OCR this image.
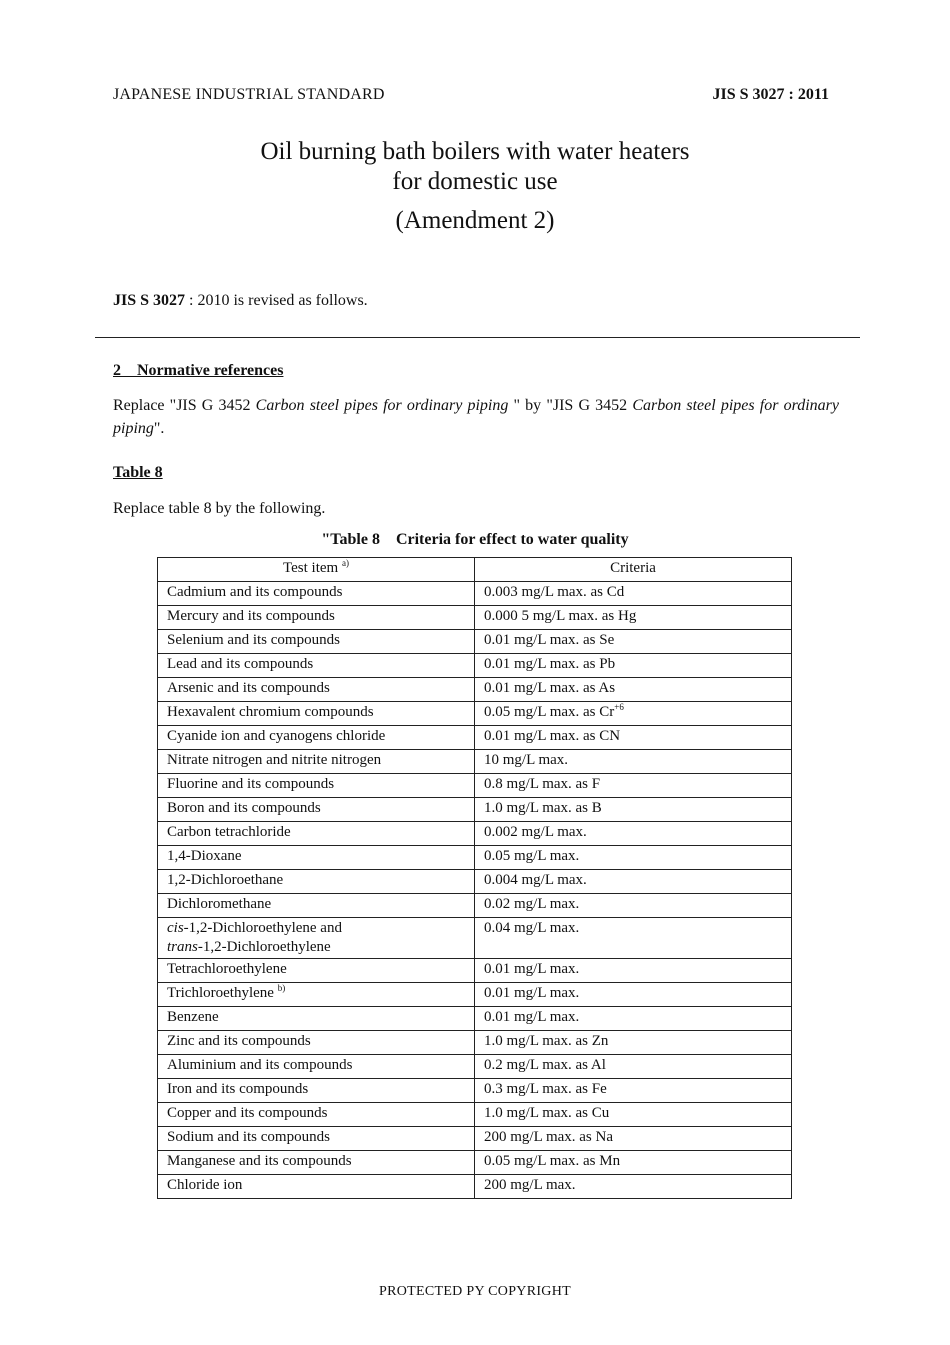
JAPANESE INDUSTRIAL STANDARD	JIS S 3027 : 2011
Oil burning bath boilers with water heaters
for domestic use
(Amendment 2)
JIS S 3027 : 2010 is revised as follows.
2    Normative references
Replace "JIS G 3452 Carbon steel pipes for ordinary piping " by "JIS G 3452 Carbon steel pipes for ordinary piping".
Table 8
Replace table 8 by the following.
"Table 8    Criteria for effect to water quality
Test item $^{a)}$	Criteria
Cadmium and its compounds	0.003 mg/L max. as Cd
Mercury and its compounds	0.000 5 mg/L max. as Hg
Selenium and its compounds	0.01 mg/L max. as Se
Lead and its compounds	0.01 mg/L max. as Pb
Arsenic and its compounds	0.01 mg/L max. as As
Hexavalent chromium compounds	0.05 mg/L max. as $Cr^{+6}$
Cyanide ion and cyanogens chloride	0.01 mg/L max. as CN
Nitrate nitrogen and nitrite nitrogen	10 mg/L max.
Fluorine and its compounds	0.8 mg/L max. as F
Boron and its compounds	1.0 mg/L max. as B
Carbon tetrachloride	0.002 mg/L max.
1,4-Dioxane	0.05 mg/L max.
1,2-Dichloroethane	0.004 mg/L max.
Dichloromethane	0.02 mg/L max.
cis-1,2-Dichloroethylene and
trans-1,2-Dichloroethylene	0.04 mg/L max.
Tetrachloroethylene	0.01 mg/L max.
Trichloroethylene $^{b)}$	0.01 mg/L max.
Benzene	0.01 mg/L max.
Zinc and its compounds	1.0 mg/L max. as Zn
Aluminium and its compounds	0.2 mg/L max. as Al
Iron and its compounds	0.3 mg/L max. as Fe
Copper and its compounds	1.0 mg/L max. as Cu
Sodium and its compounds	200 mg/L max. as Na
Manganese and its compounds	0.05 mg/L max. as Mn
Chloride ion	200 mg/L max.
PROTECTED PY COPYRIGHT
